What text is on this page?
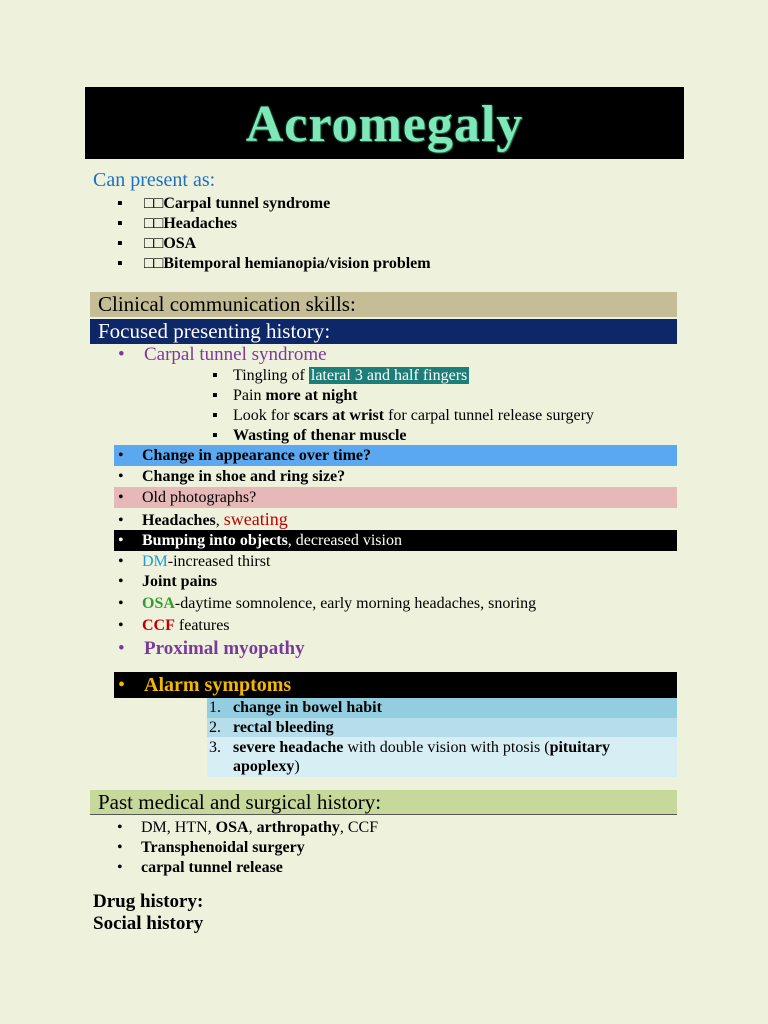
Acromegaly
Can present as:
▪ □□Carpal tunnel syndrome
▪ □□Headaches
▪ □□OSA
▪ □□Bitemporal hemianopia/vision problem
Clinical communication skills:
Focused presenting history:
• Carpal tunnel syndrome
▪ Tingling of lateral 3 and half fingers
▪ Pain more at night
▪ Look for scars at wrist for carpal tunnel release surgery
▪ Wasting of thenar muscle
• Change in appearance over time?
• Change in shoe and ring size?
• Old photographs?
• Headaches, sweating
• Bumping into objects, decreased vision
• DM-increased thirst
• Joint pains
• OSA-daytime somnolence, early morning headaches, snoring
• CCF features
• Proximal myopathy
• Alarm symptoms
1. change in bowel habit
2. rectal bleeding
3. severe headache with double vision with ptosis (pituitary apoplexy)
Past medical and surgical history:
• DM, HTN, OSA, arthropathy, CCF
• Transphenoidal surgery
• carpal tunnel release
Drug history:
Social history
